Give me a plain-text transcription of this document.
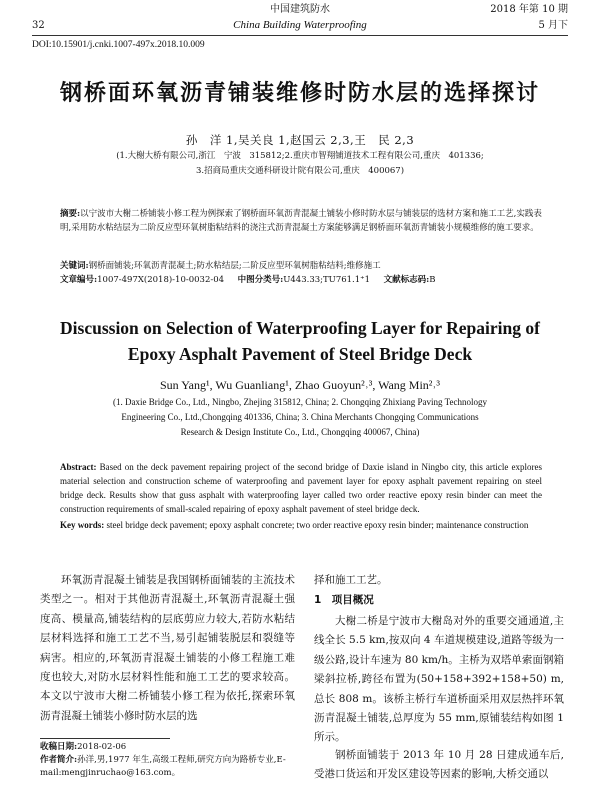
32
中国建筑防水
China Building Waterproofing
2018 年第 10 期
5 月下
DOI:10.15901/j.cnki.1007-497x.2018.10.009
钢桥面环氧沥青铺装维修时防水层的选择探讨
孙　洋 1,吴关良 1,赵国云 2,3,王　民 2,3
(1.大榭大桥有限公司,浙江　宁波　315812;2.重庆市智翔铺道技术工程有限公司,重庆　401336;
3.招商局重庆交通科研设计院有限公司,重庆　400067)
摘要:以宁波市大榭二桥铺装小修工程为例探索了钢桥面环氧沥青混凝土铺装小修时防水层与铺装层的选材方案和施工工艺,实践表明,采用防水粘结层为二阶反应型环氧树脂粘结料的浇注式沥青混凝土方案能够满足钢桥面环氧沥青铺装小规模维修的施工要求。
关键词:钢桥面铺装;环氧沥青混凝土;防水粘结层;二阶反应型环氧树脂粘结料;维修施工
文章编号:1007-497X(2018)-10-0032-04 中图分类号:U443.33;TU761.1⁺1 文献标志码:B
Discussion on Selection of Waterproofing Layer for Repairing of
Epoxy Asphalt Pavement of Steel Bridge Deck
Sun Yang¹, Wu Guanliang¹, Zhao Guoyun²˒³, Wang Min²˒³
(1. Daxie Bridge Co., Ltd., Ningbo, Zhejing 315812, China; 2. Chongqing Zhixiang Paving Technology
Engineering Co., Ltd.,Chongqing 401336, China; 3. China Merchants Chongqing Communications
Research & Design Institute Co., Ltd., Chongqing 400067, China)
Abstract: Based on the deck pavement repairing project of the second bridge of Daxie island in Ningbo city, this article explores material selection and construction scheme of waterproofing and pavement layer for epoxy asphalt pavement repairing on steel bridge deck. Results show that guss asphalt with waterproofing layer called two order reactive epoxy resin binder can meet the construction requirements of small-scaled repairing of epoxy asphalt pavement of steel bridge deck.
Key words: steel bridge deck pavement; epoxy asphalt concrete; two order reactive epoxy resin binder; maintenance construction
环氧沥青混凝土铺装是我国钢桥面铺装的主流技术类型之一。相对于其他沥青混凝土,环氧沥青混凝土强度高、模量高,铺装结构的层底剪应力较大,若防水粘结层材料选择和施工工艺不当,易引起铺装脱层和裂缝等病害。相应的,环氧沥青混凝土铺装的小修工程施工难度也较大,对防水层材料性能和施工工艺的要求较高。本文以宁波市大榭二桥铺装小修工程为依托,探索环氧沥青混凝土铺装小修时防水层的选
收稿日期:2018-02-06
作者简介:孙洋,男,1977 年生,高级工程师,研究方向为路桥专业,E-mail:mengjinruchao@163.com。
择和施工工艺。
1　项目概况
大榭二桥是宁波市大榭岛对外的重要交通通道,主线全长 5.5 km,按双向 4 车道规模建设,道路等级为一级公路,设计车速为 80 km/h。主桥为双塔单索面钢箱梁斜拉桥,跨径布置为(50+158+392+158+50) m,总长 808 m。该桥主桥行车道桥面采用双层热拌环氧沥青混凝土铺装,总厚度为 55 mm,原铺装结构如图 1 所示。
钢桥面铺装于 2013 年 10 月 28 日建成通车后,受港口货运和开发区建设等因素的影响,大桥交通以
